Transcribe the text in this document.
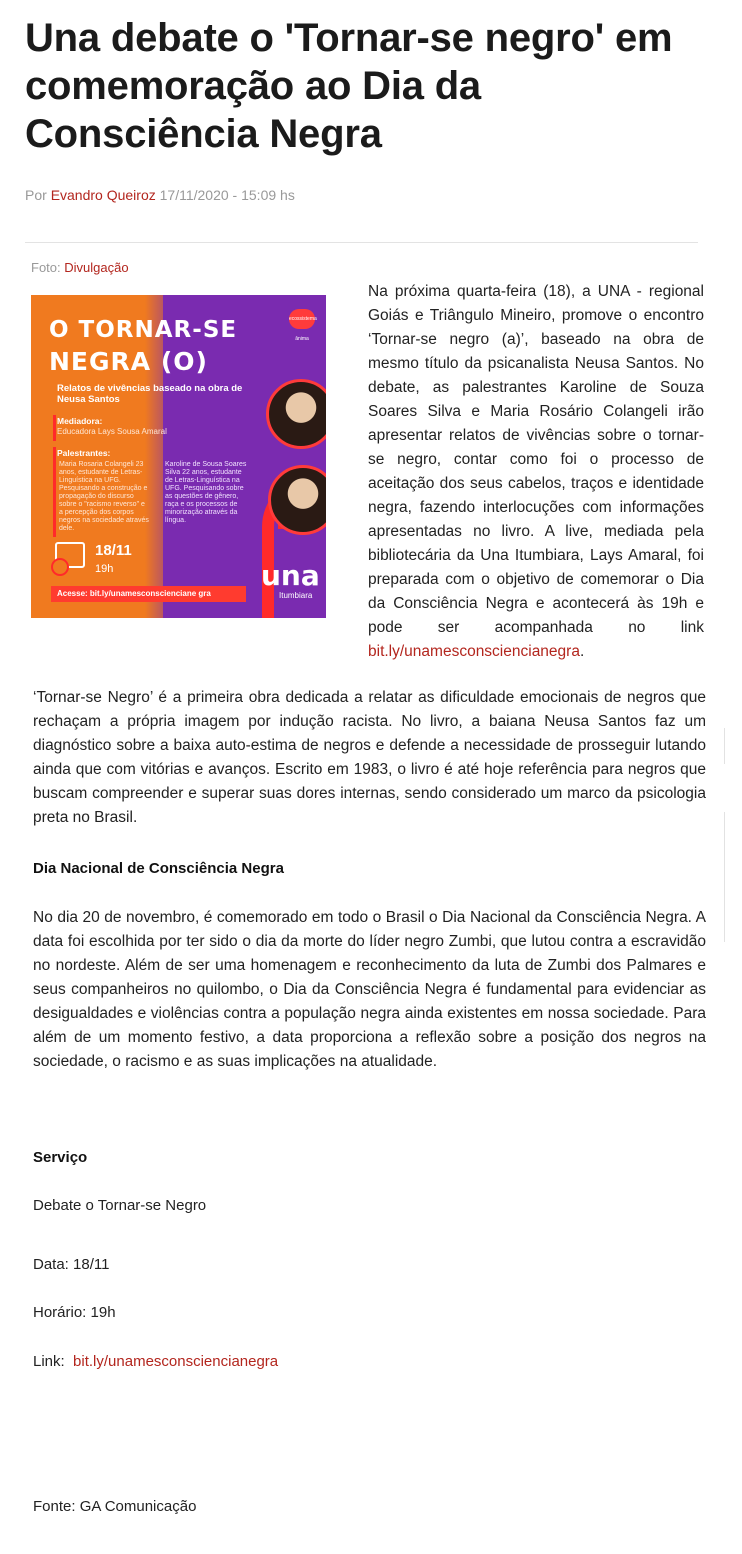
Una debate o 'Tornar-se negro' em comemoração ao Dia da Consciência Negra
Por Evandro Queiroz 17/11/2020 - 15:09 hs
Foto: Divulgação
ecossistema ânima
O TORNAR-SE
NEGRA (O)
Relatos de vivências baseado na obra de Neusa Santos
Mediadora:
Educadora Lays Sousa Amaral
Palestrantes:
Maria Rosaria Colangeli 23 anos, estudante de Letras-Linguística na UFG. Pesquisando a construção e propagação do discurso sobre o "racismo reverso" e a percepção dos corpos negros na sociedade através dele.
Karoline de Sousa Soares Silva 22 anos, estudante de Letras-Linguística na UFG. Pesquisando sobre as questões de gênero, raça e os processos de minorização através da língua.
18/11
19h	una
Itumbiara
Acesse: bit.ly/unamesconscienciane gra

Na próxima quarta-feira (18), a UNA - regional Goiás e Triângulo Mineiro, promove o encontro ‘Tornar-se negro (a)’, baseado na obra de mesmo título da psicanalista Neusa Santos. No debate, as palestrantes Karoline de Souza Soares Silva e Maria Rosário Colangeli irão apresentar relatos de vivências sobre o tornar-se negro, contar como foi o processo de aceitação dos seus cabelos, traços e identidade negra, fazendo interlocuções com informações apresentadas no livro. A live, mediada pela bibliotecária da Una Itumbiara, Lays Amaral, foi preparada com o objetivo de comemorar o Dia da Consciência Negra e acontecerá às 19h e pode ser acompanhada no link bit.ly/unamesconsciencianegra.

‘Tornar-se Negro’ é a primeira obra dedicada a relatar as dificuldade emocionais de negros que rechaçam a própria imagem por indução racista. No livro, a baiana Neusa Santos faz um diagnóstico sobre a baixa auto-estima de negros e defende a necessidade de prosseguir lutando ainda que com vitórias e avanços. Escrito em 1983, o livro é até hoje referência para negros que buscam compreender e superar suas dores internas, sendo considerado um marco da psicologia preta no Brasil.

Dia Nacional de Consciência Negra

No dia 20 de novembro, é comemorado em todo o Brasil o Dia Nacional da Consciência Negra. A data foi escolhida por ter sido o dia da morte do líder negro Zumbi, que lutou contra a escravidão no nordeste. Além de ser uma homenagem e reconhecimento da luta de Zumbi dos Palmares e seus companheiros no quilombo, o Dia da Consciência Negra é fundamental para evidenciar as desigualdades e violências contra a população negra ainda existentes em nossa sociedade. Para além de um momento festivo, a data proporciona a reflexão sobre a posição dos negros na sociedade, o racismo e as suas implicações na atualidade.

Serviço

Debate o Tornar-se Negro

Data: 18/11

Horário: 19h

Link: bit.ly/unamesconsciencianegra

Fonte: GA Comunicação
